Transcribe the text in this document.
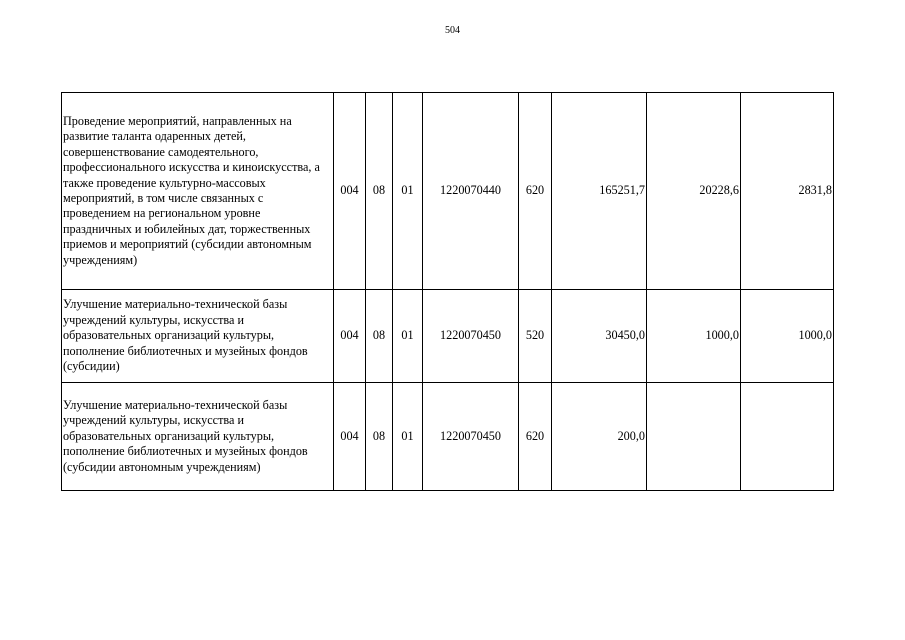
504
Проведение мероприятий, направленных на развитие таланта одаренных детей, совершенствование самодеятельного, профессионального искусства и киноискусства, а также проведение культурно-массовых мероприятий, в том числе связанных с проведением на региональном уровне праздничных и юбилейных дат, торжественных приемов и мероприятий (субсидии автономным учреждениям)	004	08	01	1220070440	620	165251,7	20228,6	2831,8
Улучшение материально-технической базы учреждений культуры, искусства и образовательных организаций культуры, пополнение библиотечных и музейных фондов (субсидии)	004	08	01	1220070450	520	30450,0	1000,0	1000,0
Улучшение материально-технической базы учреждений культуры, искусства и образовательных организаций культуры, пополнение библиотечных и музейных фондов (субсидии автономным учреждениям)	004	08	01	1220070450	620	200,0		
